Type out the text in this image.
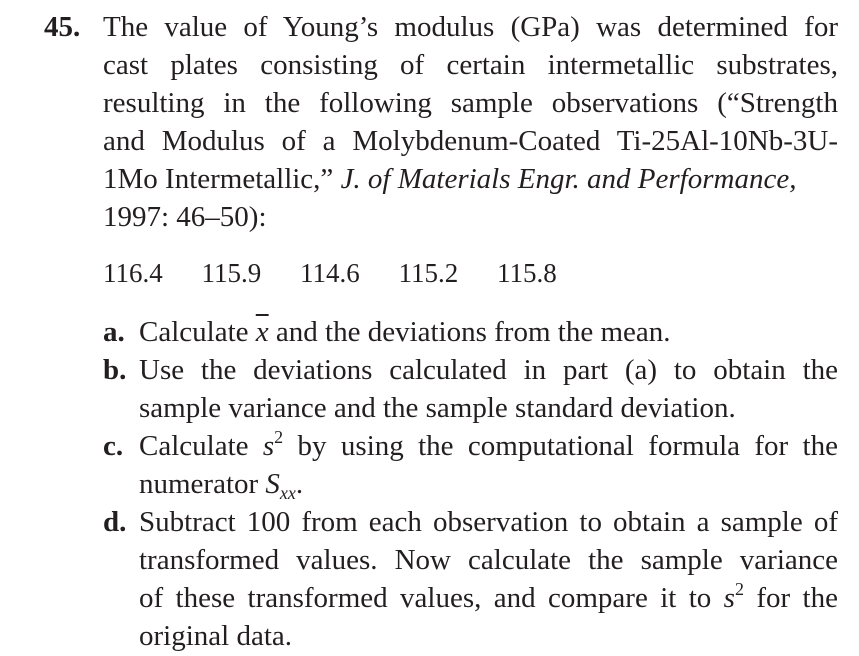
45. The value of Young’s modulus (GPa) was determined for
cast plates consisting of certain intermetallic substrates,
resulting in the following sample observations (“Strength
and Modulus of a Molybdenum-Coated Ti-25Al-10Nb-3U-
1Mo Intermetallic,” J. of Materials Engr. and Performance,
1997: 46–50):
116.4 115.9 114.6 115.2 115.8
a. Calculate $\overline{x}$ and the deviations from the mean.
b. Use the deviations calculated in part (a) to obtain the
sample variance and the sample standard deviation.
c. Calculate $s^2$ by using the computational formula for the
numerator $S_{xx}$.
d. Subtract 100 from each observation to obtain a sample of
transformed values. Now calculate the sample variance
of these transformed values, and compare it to $s^2$ for the
original data.
